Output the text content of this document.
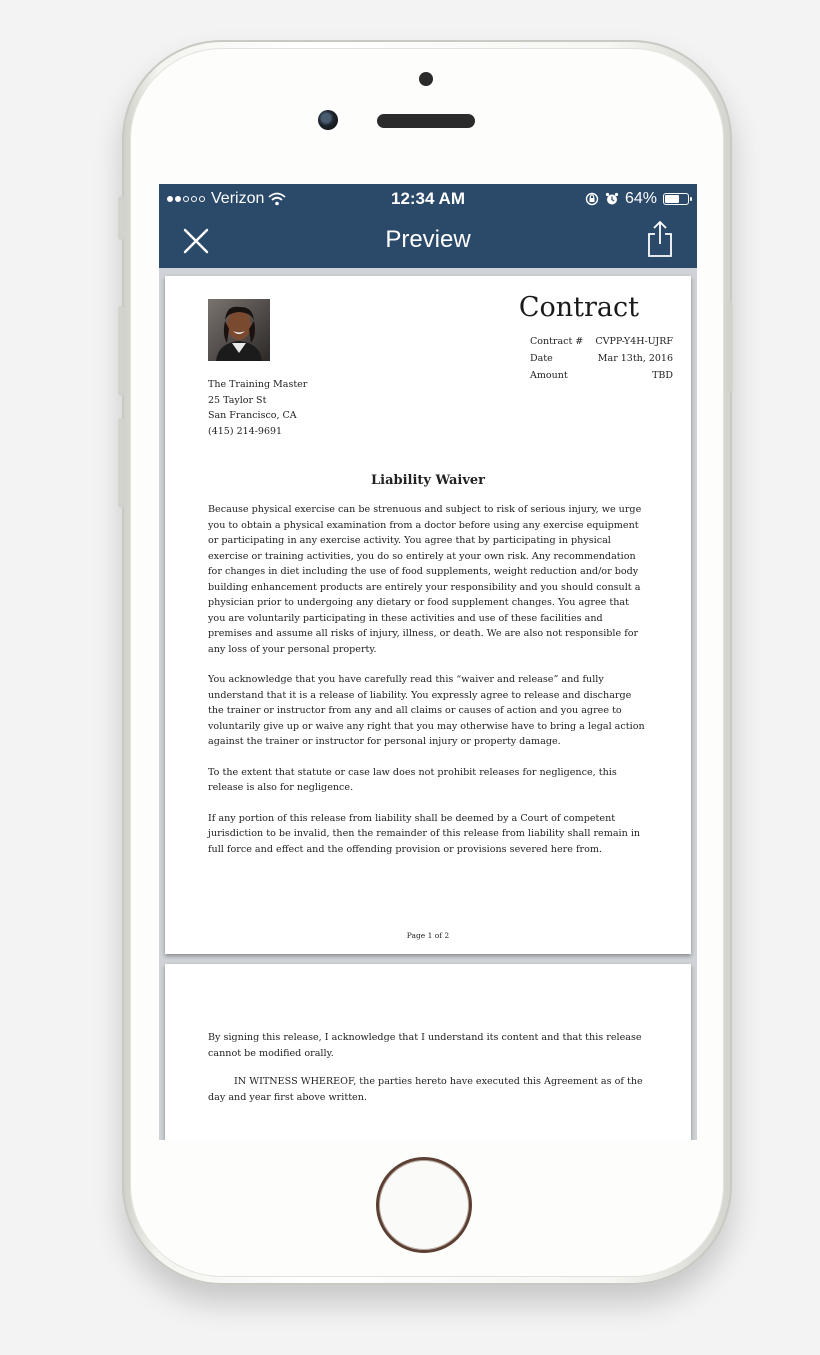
Verizon	12:34 AM	64%
Preview
Contract
Contract # CVPP-Y4H-UJRF
Date	Mar 13th, 2016
Amount	TBD
The Training Master
25 Taylor St
San Francisco, CA
(415) 214-9691
Liability Waiver

Because physical exercise can be strenuous and subject to risk of serious injury, we urge you to obtain a physical examination from a doctor before using any exercise equipment or participating in any exercise activity. You agree that by participating in physical exercise or training activities, you do so entirely at your own risk. Any recommendation for changes in diet including the use of food supplements, weight reduction and/or body building enhancement products are entirely your responsibility and you should consult a physician prior to undergoing any dietary or food supplement changes. You agree that you are voluntarily participating in these activities and use of these facilities and premises and assume all risks of injury, illness, or death. We are also not responsible for any loss of your personal property.

You acknowledge that you have carefully read this “waiver and release” and fully understand that it is a release of liability. You expressly agree to release and discharge the trainer or instructor from any and all claims or causes of action and you agree to voluntarily give up or waive any right that you may otherwise have to bring a legal action against the trainer or instructor for personal injury or property damage.

To the extent that statute or case law does not prohibit releases for negligence, this release is also for negligence.

If any portion of this release from liability shall be deemed by a Court of competent jurisdiction to be invalid, then the remainder of this release from liability shall remain in full force and effect and the offending provision or provisions severed here from.

Page 1 of 2

By signing this release, I acknowledge that I understand its content and that this release cannot be modified orally.

IN WITNESS WHEREOF, the parties hereto have executed this Agreement as of the day and year first above written.
